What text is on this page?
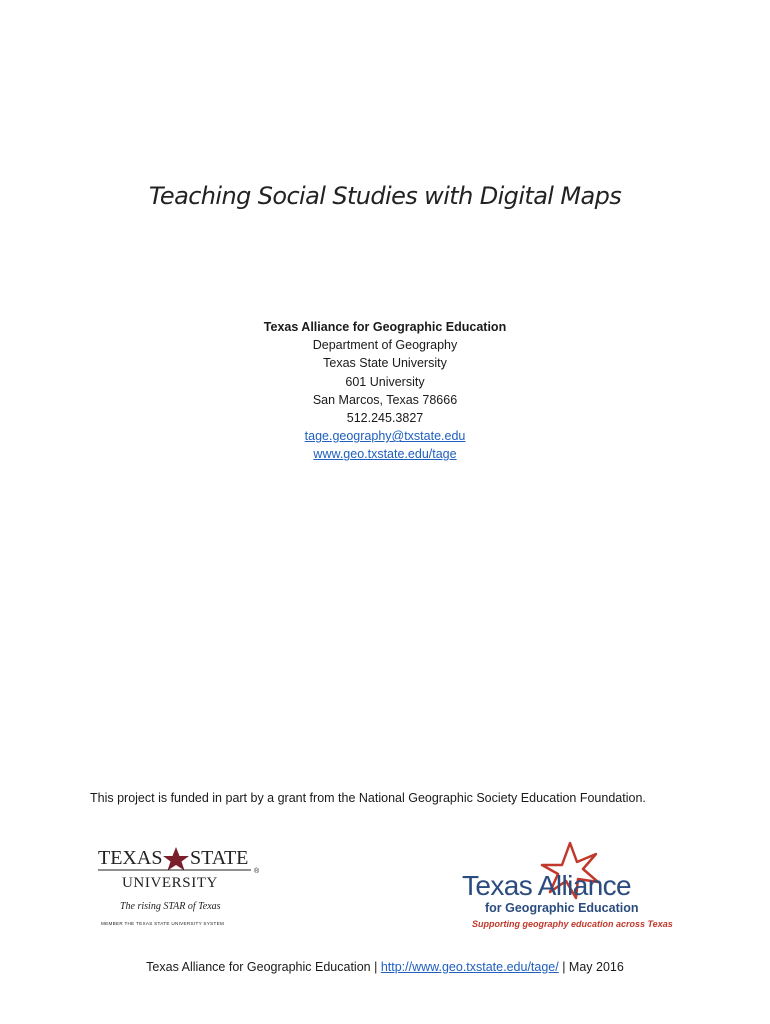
Teaching Social Studies with Digital Maps
Texas Alliance for Geographic Education
Department of Geography
Texas State University
601 University
San Marcos, Texas 78666
512.245.3827
tage.geography@txstate.edu
www.geo.txstate.edu/tage
This project is funded in part by a grant from the National Geographic Society Education Foundation.
TEXAS STATE
®
UNIVERSITY
The rising STAR of Texas
MEMBER THE TEXAS STATE UNIVERSITY SYSTEM
Texas Alliance
for Geographic Education
Supporting geography education across Texas
Texas Alliance for Geographic Education | http://www.geo.txstate.edu/tage/ | May 2016
